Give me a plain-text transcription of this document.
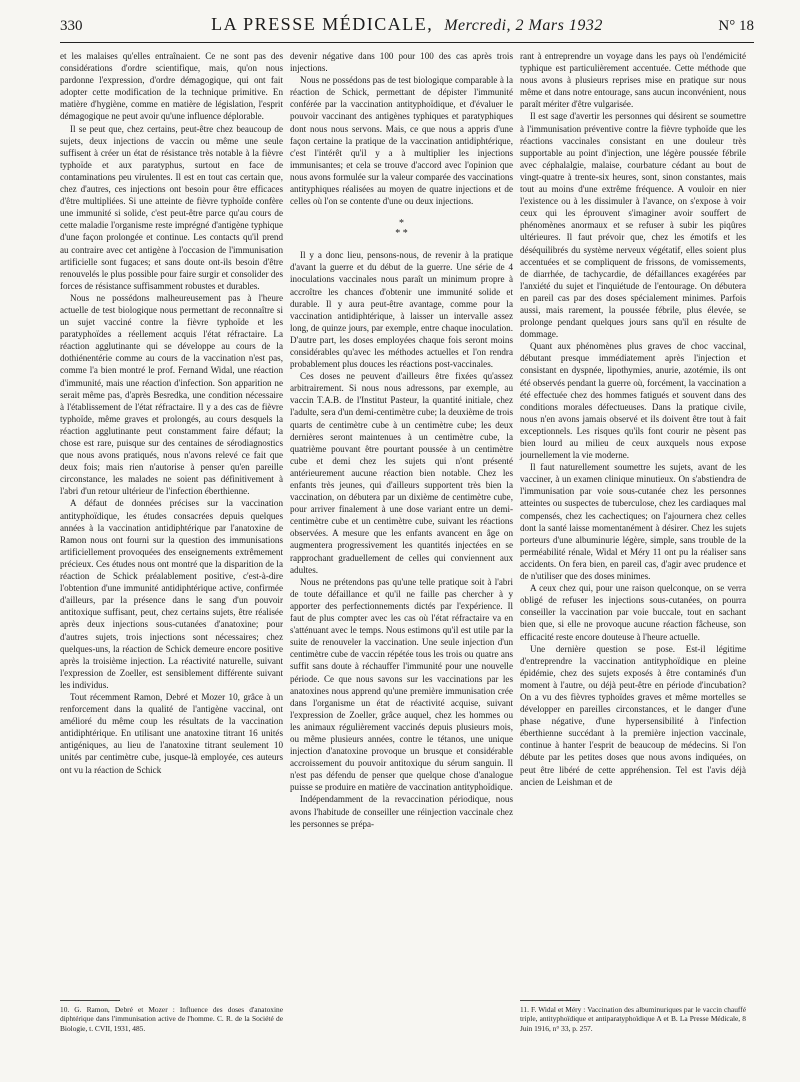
330	LA PRESSE MÉDICALE, Mercredi, 2 Mars 1932	N° 18

et les malaises qu'elles entraînaient. Ce ne sont pas des considérations d'ordre scientifique, mais, qu'on nous pardonne l'expression, d'ordre démagogique, qui ont fait adopter cette modification de la technique primitive. En matière d'hygiène, comme en matière de législation, l'esprit démagogique ne peut avoir qu'une influence déplorable.

Il se peut que, chez certains, peut-être chez beaucoup de sujets, deux injections de vaccin ou même une seule suffisent à créer un état de résistance très notable à la fièvre typhoïde et aux paratyphus, surtout en face de contaminations peu virulentes. Il est en tout cas certain que, chez d'autres, ces injections ont besoin pour être efficaces d'être multipliées. Si une atteinte de fièvre typhoïde confère une immunité si solide, c'est peut-être parce qu'au cours de cette maladie l'organisme reste imprégné d'antigène typhique d'une façon prolongée et continue. Les contacts qu'il prend au contraire avec cet antigène à l'occasion de l'immunisation artificielle sont fugaces; et sans doute ont-ils besoin d'être renouvelés le plus possible pour faire surgir et consolider des forces de résistance suffisamment robustes et durables.

Nous ne possédons malheureusement pas à l'heure actuelle de test biologique nous permettant de reconnaître si un sujet vacciné contre la fièvre typhoïde et les paratyphoïdes a réellement acquis l'état réfractaire. La réaction agglutinante qui se développe au cours de la dothiénentérie comme au cours de la vaccination n'est pas, comme l'a bien montré le prof. Fernand Widal, une réaction d'immunité, mais une réaction d'infection. Son apparition ne serait même pas, d'après Besredka, une condition nécessaire à l'établissement de l'état réfractaire. Il y a des cas de fièvre typhoïde, même graves et prolongés, au cours desquels la réaction agglutinante peut constamment faire défaut; la chose est rare, puisque sur des centaines de sérodiagnostics que nous avons pratiqués, nous n'avons relevé ce fait que deux fois; mais rien n'autorise à penser qu'en pareille circonstance, les malades ne soient pas définitivement à l'abri d'un retour ultérieur de l'infection éberthienne.

A défaut de données précises sur la vaccination antityphoïdique, les études consacrées depuis quelques années à la vaccination antidiphtérique par l'anatoxine de Ramon nous ont fourni sur la question des immunisations artificiellement provoquées des enseignements extrêmement précieux. Ces études nous ont montré que la disparition de la réaction de Schick préalablement positive, c'est-à-dire l'obtention d'une immunité antidiphtérique active, confirmée d'ailleurs, par la présence dans le sang d'un pouvoir antitoxique suffisant, peut, chez certains sujets, être réalisée après deux injections sous-cutanées d'anatoxine; pour d'autres sujets, trois injections sont nécessaires; chez quelques-uns, la réaction de Schick demeure encore positive après la troisième injection. La réactivité naturelle, suivant l'expression de Zoeller, est sensiblement différente suivant les individus.

Tout récemment Ramon, Debré et Mozer 10, grâce à un renforcement dans la qualité de l'antigène vaccinal, ont amélioré du même coup les résultats de la vaccination antidiphtérique. En utilisant une anatoxine titrant 16 unités antigéniques, au lieu de l'anatoxine titrant seulement 10 unités par centimètre cube, jusque-là employée, ces auteurs ont vu la réaction de Schick

devenir négative dans 100 pour 100 des cas après trois injections.

Nous ne possédons pas de test biologique comparable à la réaction de Schick, permettant de dépister l'immunité conférée par la vaccination antityphoïdique, et d'évaluer le pouvoir vaccinant des antigènes typhiques et paratyphiques dont nous nous servons. Mais, ce que nous a appris d'une façon certaine la pratique de la vaccination antidiphtérique, c'est l'intérêt qu'il y a à multiplier les injections immunisantes; et cela se trouve d'accord avec l'opinion que nous avons formulée sur la valeur comparée des vaccinations antityphiques réalisées au moyen de quatre injections et de celles où l'on se contente d'une ou deux injections.

*
* *

Il y a donc lieu, pensons-nous, de revenir à la pratique d'avant la guerre et du début de la guerre. Une série de 4 inoculations vaccinales nous paraît un minimum propre à accroître les chances d'obtenir une immunité solide et durable. Il y aura peut-être avantage, comme pour la vaccination antidiphtérique, à laisser un intervalle assez long, de quinze jours, par exemple, entre chaque inoculation. D'autre part, les doses employées chaque fois seront moins considérables qu'avec les méthodes actuelles et l'on rendra probablement plus douces les réactions post-vaccinales.

Ces doses ne peuvent d'ailleurs être fixées qu'assez arbitrairement. Si nous nous adressons, par exemple, au vaccin T.A.B. de l'Institut Pasteur, la quantité initiale, chez l'adulte, sera d'un demi-centimètre cube; la deuxième de trois quarts de centimètre cube à un centimètre cube; les deux dernières seront maintenues à un centimètre cube, la quatrième pouvant être pourtant poussée à un centimètre cube et demi chez les sujets qui n'ont présenté antérieurement aucune réaction bien notable. Chez les enfants très jeunes, qui d'ailleurs supportent très bien la vaccination, on débutera par un dixième de centimètre cube, pour arriver finalement à une dose variant entre un demi-centimètre cube et un centimètre cube, suivant les réactions observées. A mesure que les enfants avancent en âge on augmentera progressivement les quantités injectées en se rapprochant graduellement de celles qui conviennent aux adultes.

Nous ne prétendons pas qu'une telle pratique soit à l'abri de toute défaillance et qu'il ne faille pas chercher à y apporter des perfectionnements dictés par l'expérience. Il faut de plus compter avec les cas où l'état réfractaire va en s'atténuant avec le temps. Nous estimons qu'il est utile par la suite de renouveler la vaccination. Une seule injection d'un centimètre cube de vaccin répétée tous les trois ou quatre ans suffit sans doute à réchauffer l'immunité pour une nouvelle période. Ce que nous savons sur les vaccinations par les anatoxines nous apprend qu'une première immunisation crée dans l'organisme un état de réactivité acquise, suivant l'expression de Zoeller, grâce auquel, chez les hommes ou les animaux régulièrement vaccinés depuis plusieurs mois, ou même plusieurs années, contre le tétanos, une unique injection d'anatoxine provoque un brusque et considérable accroissement du pouvoir antitoxique du sérum sanguin. Il n'est pas défendu de penser que quelque chose d'analogue puisse se produire en matière de vaccination antityphoïdique.

Indépendamment de la revaccination périodique, nous avons l'habitude de conseiller une réinjection vaccinale chez les personnes se prépa-

rant à entreprendre un voyage dans les pays où l'endémicité typhique est particulièrement accentuée. Cette méthode que nous avons à plusieurs reprises mise en pratique sur nous même et dans notre entourage, sans aucun inconvénient, nous paraît mériter d'être vulgarisée.

Il est sage d'avertir les personnes qui désirent se soumettre à l'immunisation préventive contre la fièvre typhoïde que les réactions vaccinales consistant en une douleur très supportable au point d'injection, une légère poussée fébrile avec céphalalgie, malaise, courbature cédant au bout de vingt-quatre à trente-six heures, sont, sinon constantes, mais tout au moins d'une extrême fréquence. A vouloir en nier l'existence ou à les dissimuler à l'avance, on s'expose à voir ceux qui les éprouvent s'imaginer avoir souffert de phénomènes anormaux et se refuser à subir les piqûres ultérieures. Il faut prévoir que, chez les émotifs et les déséquilibrés du système nerveux végétatif, elles soient plus accentuées et se compliquent de frissons, de vomissements, de diarrhée, de tachycardie, de défaillances exagérées par l'anxiété du sujet et l'inquiétude de l'entourage. On débutera en pareil cas par des doses spécialement minimes. Parfois aussi, mais rarement, la poussée fébrile, plus élevée, se prolonge pendant quelques jours sans qu'il en résulte de dommage.

Quant aux phénomènes plus graves de choc vaccinal, débutant presque immédiatement après l'injection et consistant en dyspnée, lipothymies, anurie, azotémie, ils ont été observés pendant la guerre où, forcément, la vaccination a été effectuée chez des hommes fatigués et souvent dans des conditions morales défectueuses. Dans la pratique civile, nous n'en avons jamais observé et ils doivent être tout à fait exceptionnels. Les risques qu'ils font courir ne pèsent pas bien lourd au milieu de ceux auxquels nous expose journellement la vie moderne.

Il faut naturellement soumettre les sujets, avant de les vacciner, à un examen clinique minutieux. On s'abstiendra de l'immunisation par voie sous-cutanée chez les personnes atteintes ou suspectes de tuberculose, chez les cardiaques mal compensés, chez les cachectiques; on l'ajournera chez celles dont la santé laisse momentanément à désirer. Chez les sujets porteurs d'une albuminurie légère, simple, sans trouble de la perméabilité rénale, Widal et Méry 11 ont pu la réaliser sans accidents. On fera bien, en pareil cas, d'agir avec prudence et de n'utiliser que des doses minimes.

A ceux chez qui, pour une raison quelconque, on se verra obligé de refuser les injections sous-cutanées, on pourra conseiller la vaccination par voie buccale, tout en sachant bien que, si elle ne provoque aucune réaction fâcheuse, son efficacité reste encore douteuse à l'heure actuelle.

Une dernière question se pose. Est-il légitime d'entreprendre la vaccination antityphoïdique en pleine épidémie, chez des sujets exposés à être contaminés d'un moment à l'autre, ou déjà peut-être en période d'incubation? On a vu des fièvres typhoïdes graves et même mortelles se développer en pareilles circonstances, et le danger d'une phase négative, d'une hypersensibilité à l'infection éberthienne succédant à la première injection vaccinale, continue à hanter l'esprit de beaucoup de médecins. Si l'on débute par les petites doses que nous avons indiquées, on peut être libéré de cette appréhension. Tel est l'avis déjà ancien de Leishman et de

10. G. Ramon, Debré et Mozer : Influence des doses d'anatoxine diphtérique dans l'immunisation active de l'homme. C. R. de la Société de Biologie, t. CVII, 1931, 485.
11. F. Widal et Méry : Vaccination des albuminuriques par le vaccin chauffé triple, antityphoïdique et antiparatyphoïdique A et B. La Presse Médicale, 8 Juin 1916, n° 33, p. 257.
